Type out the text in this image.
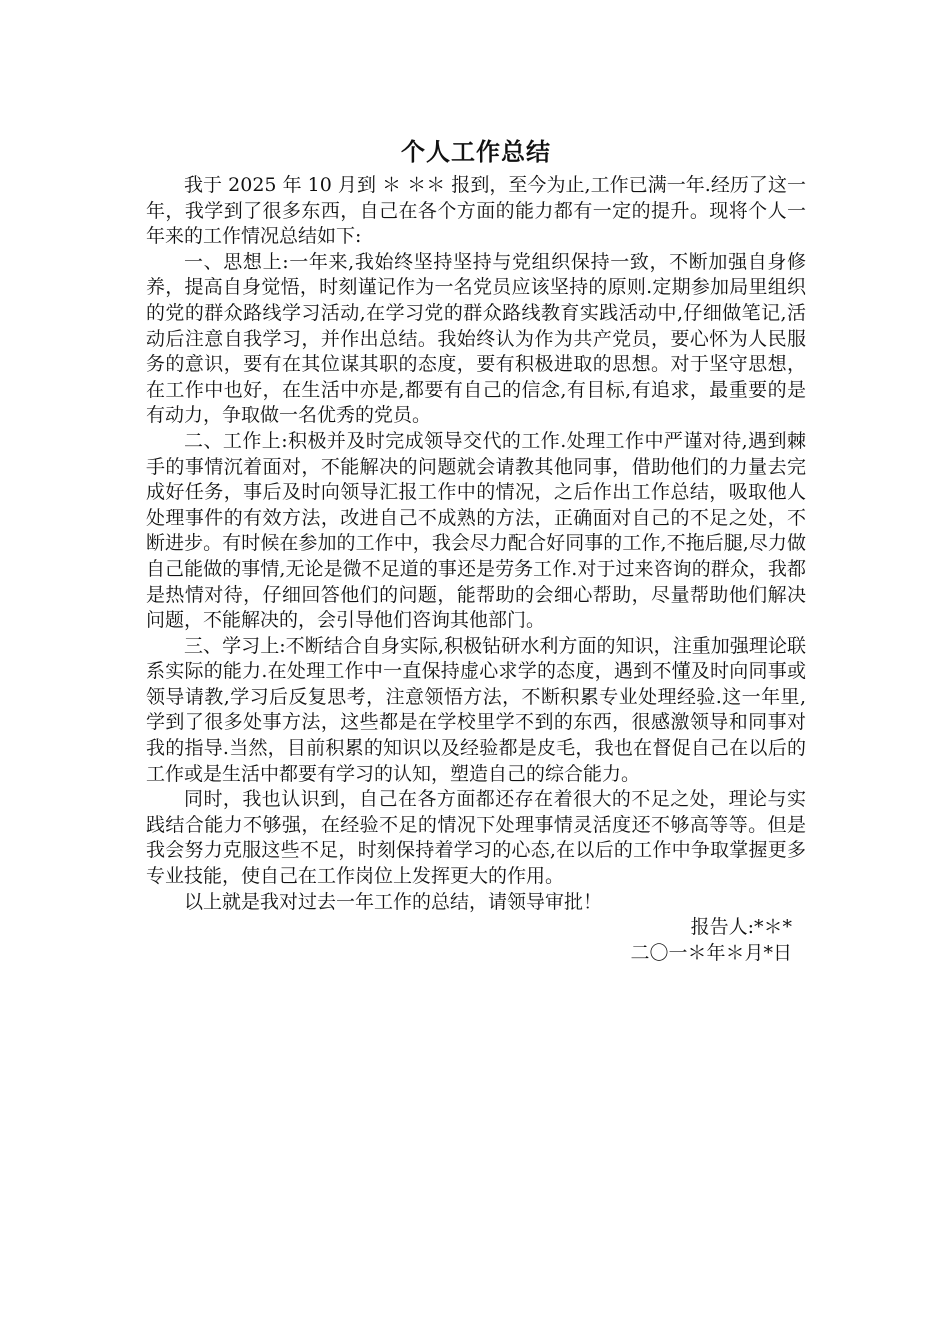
个人工作总结

我于 2025 年 10 月到 ＊ ＊＊ 报到，至今为止,工作已满一年.经历了这一年，我学到了很多东西，自己在各个方面的能力都有一定的提升。现将个人一年来的工作情况总结如下:

一、思想上:一年来,我始终坚持坚持与党组织保持一致，不断加强自身修养，提高自身觉悟，时刻谨记作为一名党员应该坚持的原则.定期参加局里组织的党的群众路线学习活动,在学习党的群众路线教育实践活动中,仔细做笔记,活动后注意自我学习，并作出总结。我始终认为作为共产党员，要心怀为人民服务的意识，要有在其位谋其职的态度，要有积极进取的思想。对于坚守思想，在工作中也好，在生活中亦是,都要有自己的信念,有目标,有追求，最重要的是有动力，争取做一名优秀的党员。

二、工作上:积极并及时完成领导交代的工作.处理工作中严谨对待,遇到棘手的事情沉着面对，不能解决的问题就会请教其他同事，借助他们的力量去完成好任务，事后及时向领导汇报工作中的情况，之后作出工作总结，吸取他人处理事件的有效方法，改进自己不成熟的方法，正确面对自己的不足之处，不断进步。有时候在参加的工作中，我会尽力配合好同事的工作,不拖后腿,尽力做自己能做的事情,无论是微不足道的事还是劳务工作.对于过来咨询的群众，我都是热情对待，仔细回答他们的问题，能帮助的会细心帮助，尽量帮助他们解决问题，不能解决的，会引导他们咨询其他部门。

三、学习上:不断结合自身实际,积极钻研水利方面的知识，注重加强理论联系实际的能力.在处理工作中一直保持虚心求学的态度，遇到不懂及时向同事或领导请教,学习后反复思考，注意领悟方法，不断积累专业处理经验.这一年里,学到了很多处事方法，这些都是在学校里学不到的东西，很感激领导和同事对我的指导.当然，目前积累的知识以及经验都是皮毛，我也在督促自己在以后的工作或是生活中都要有学习的认知，塑造自己的综合能力。

同时，我也认识到，自己在各方面都还存在着很大的不足之处，理论与实践结合能力不够强，在经验不足的情况下处理事情灵活度还不够高等等。但是我会努力克服这些不足，时刻保持着学习的心态,在以后的工作中争取掌握更多专业技能，使自己在工作岗位上发挥更大的作用。

以上就是我对过去一年工作的总结，请领导审批！

报告人:*＊*
二〇一＊年＊月*日
